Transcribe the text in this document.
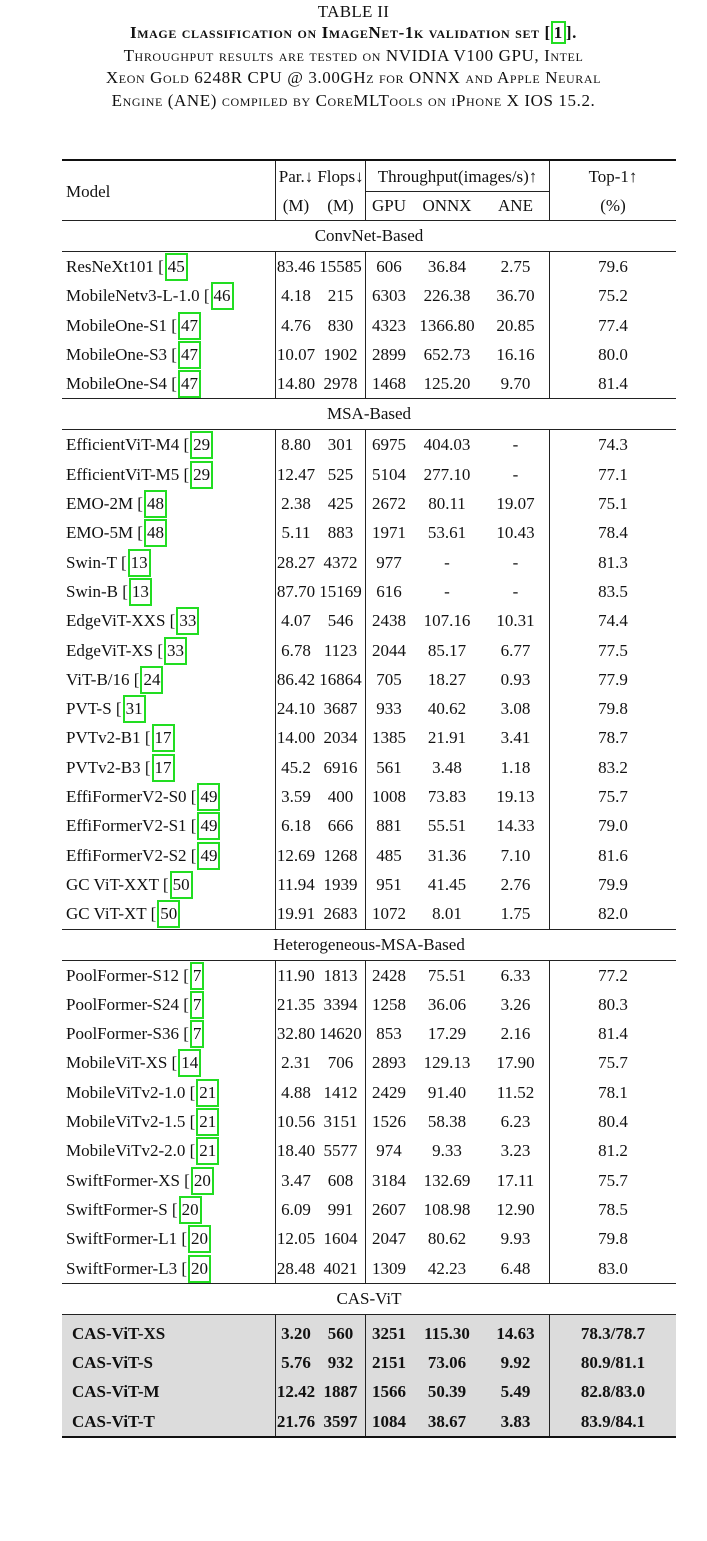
TABLE II
Image classification on ImageNet-1k validation set [ 1 ].
Throughput results are tested on NVIDIA V100 GPU, Intel
Xeon Gold 6248R CPU @ 3.00GHz for ONNX and Apple Neural
Engine (ANE) compiled by CoreMLTools on iPhone X IOS 15.2.
Model	Par.↓	Flops↓	Throughput(images/s)↑			Top-1↑
	(M)	(M)	GPU	ONNX	ANE	(%)
ConvNet-Based						
ResNeXt101 [ 45	83.46	15585	606	36.84	2.75	79.6
MobileNetv3-L-1.0 [ 46	4.18	215	6303	226.38	36.70	75.2
MobileOne-S1 [ 47	4.76	830	4323	1366.80	20.85	77.4
MobileOne-S3 [ 47	10.07	1902	2899	652.73	16.16	80.0
MobileOne-S4 [ 47	14.80	2978	1468	125.20	9.70	81.4
MSA-Based						
EfficientViT-M4 [ 29	8.80	301	6975	404.03	-	74.3
EfficientViT-M5 [ 29	12.47	525	5104	277.10	-	77.1
EMO-2M [ 48	2.38	425	2672	80.11	19.07	75.1
EMO-5M [ 48	5.11	883	1971	53.61	10.43	78.4
Swin-T [ 13	28.27	4372	977	-	-	81.3
Swin-B [ 13	87.70	15169	616	-	-	83.5
EdgeViT-XXS [ 33	4.07	546	2438	107.16	10.31	74.4
EdgeViT-XS [ 33	6.78	1123	2044	85.17	6.77	77.5
ViT-B/16 [ 24	86.42	16864	705	18.27	0.93	77.9
PVT-S [ 31	24.10	3687	933	40.62	3.08	79.8
PVTv2-B1 [ 17	14.00	2034	1385	21.91	3.41	78.7
PVTv2-B3 [ 17	45.2	6916	561	3.48	1.18	83.2
EffiFormerV2-S0 [ 49	3.59	400	1008	73.83	19.13	75.7
EffiFormerV2-S1 [ 49	6.18	666	881	55.51	14.33	79.0
EffiFormerV2-S2 [ 49	12.69	1268	485	31.36	7.10	81.6
GC ViT-XXT [ 50	11.94	1939	951	41.45	2.76	79.9
GC ViT-XT [ 50	19.91	2683	1072	8.01	1.75	82.0
Heterogeneous-MSA-Based						
PoolFormer-S12 [ 7	11.90	1813	2428	75.51	6.33	77.2
PoolFormer-S24 [ 7	21.35	3394	1258	36.06	3.26	80.3
PoolFormer-S36 [ 7	32.80	14620	853	17.29	2.16	81.4
MobileViT-XS [ 14	2.31	706	2893	129.13	17.90	75.7
MobileViTv2-1.0 [ 21	4.88	1412	2429	91.40	11.52	78.1
MobileViTv2-1.5 [ 21	10.56	3151	1526	58.38	6.23	80.4
MobileViTv2-2.0 [ 21	18.40	5577	974	9.33	3.23	81.2
SwiftFormer-XS [ 20	3.47	608	3184	132.69	17.11	75.7
SwiftFormer-S [ 20	6.09	991	2607	108.98	12.90	78.5
SwiftFormer-L1 [ 20	12.05	1604	2047	80.62	9.93	79.8
SwiftFormer-L3 [ 20	28.48	4021	1309	42.23	6.48	83.0
CAS-ViT						
CAS-ViT-XS	3.20	560	3251	115.30	14.63	78.3/78.7
CAS-ViT-S	5.76	932	2151	73.06	9.92	80.9/81.1
CAS-ViT-M	12.42	1887	1566	50.39	5.49	82.8/83.0
CAS-ViT-T	21.76	3597	1084	38.67	3.83	83.9/84.1
